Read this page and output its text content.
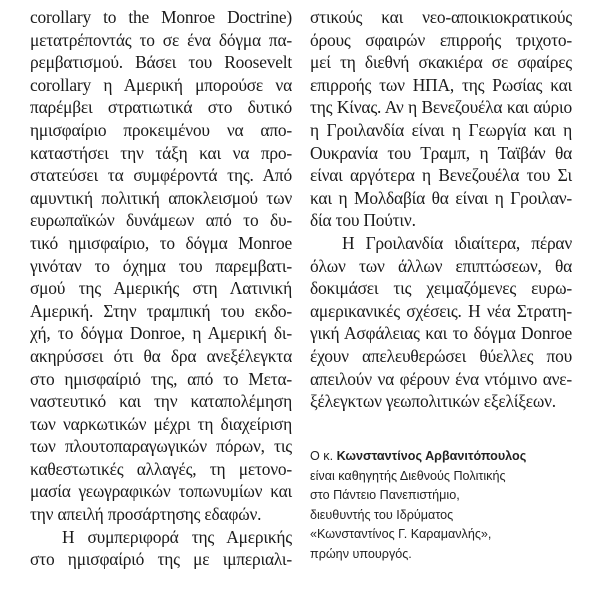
corollary to the Monroe Doctrine)
μετατρέποντάς το σε ένα δόγμα πα-
ρεμβατισμού. Βάσει του Roosevelt
corollary η Αμερική μπορούσε να
παρέμβει στρατιωτικά στο δυτικό
ημισφαίριο προκειμένου να απο-
καταστήσει την τάξη και να προ-
στατεύσει τα συμφέροντά της. Από
αμυντική πολιτική αποκλεισμού των
ευρωπαϊκών δυνάμεων από το δυ-
τικό ημισφαίριο, το δόγμα Monroe
γινόταν το όχημα του παρεμβατι-
σμού της Αμερικής στη Λατινική
Αμερική. Στην τραμπική του εκδο-
χή, το δόγμα Donroe, η Αμερική δι-
ακηρύσσει ότι θα δρα ανεξέλεγκτα
στο ημισφαίριό της, από το Μετα-
ναστευτικό και την καταπολέμηση
των ναρκωτικών μέχρι τη διαχείριση
των πλουτοπαραγωγικών πόρων, τις
καθεστωτικές αλλαγές, τη μετονο-
μασία γεωγραφικών τοπωνυμίων και
την απειλή προσάρτησης εδαφών.
Η συμπεριφορά της Αμερικής
στο ημισφαίριό της με ιμπεριαλι-
στικούς και νεο-αποικιοκρατικούς
όρους σφαιρών επιρροής τριχοτο-
μεί τη διεθνή σκακιέρα σε σφαίρες
επιρροής των ΗΠΑ, της Ρωσίας και
της Κίνας. Αν η Βενεζουέλα και αύριο
η Γροιλανδία είναι η Γεωργία και η
Ουκρανία του Τραμπ, η Ταϊβάν θα
είναι αργότερα η Βενεζουέλα του Σι
και η Μολδαβία θα είναι η Γροιλαν-
δία του Πούτιν.
Η Γροιλανδία ιδιαίτερα, πέραν
όλων των άλλων επιπτώσεων, θα
δοκιμάσει τις χειμαζόμενες ευρω-
αμερικανικές σχέσεις. Η νέα Στρατη-
γική Ασφάλειας και το δόγμα Donroe
έχουν απελευθερώσει θύελλες που
απειλούν να φέρουν ένα ντόμινο ανε-
ξέλεγκτων γεωπολιτικών εξελίξεων.
Ο κ. Κωνσταντίνος Αρβανιτόπουλος
είναι καθηγητής Διεθνούς Πολιτικής
στο Πάντειο Πανεπιστήμιο,
διευθυντής του Ιδρύματος
«Κωνσταντίνος Γ. Καραμανλής»,
πρώην υπουργός.
